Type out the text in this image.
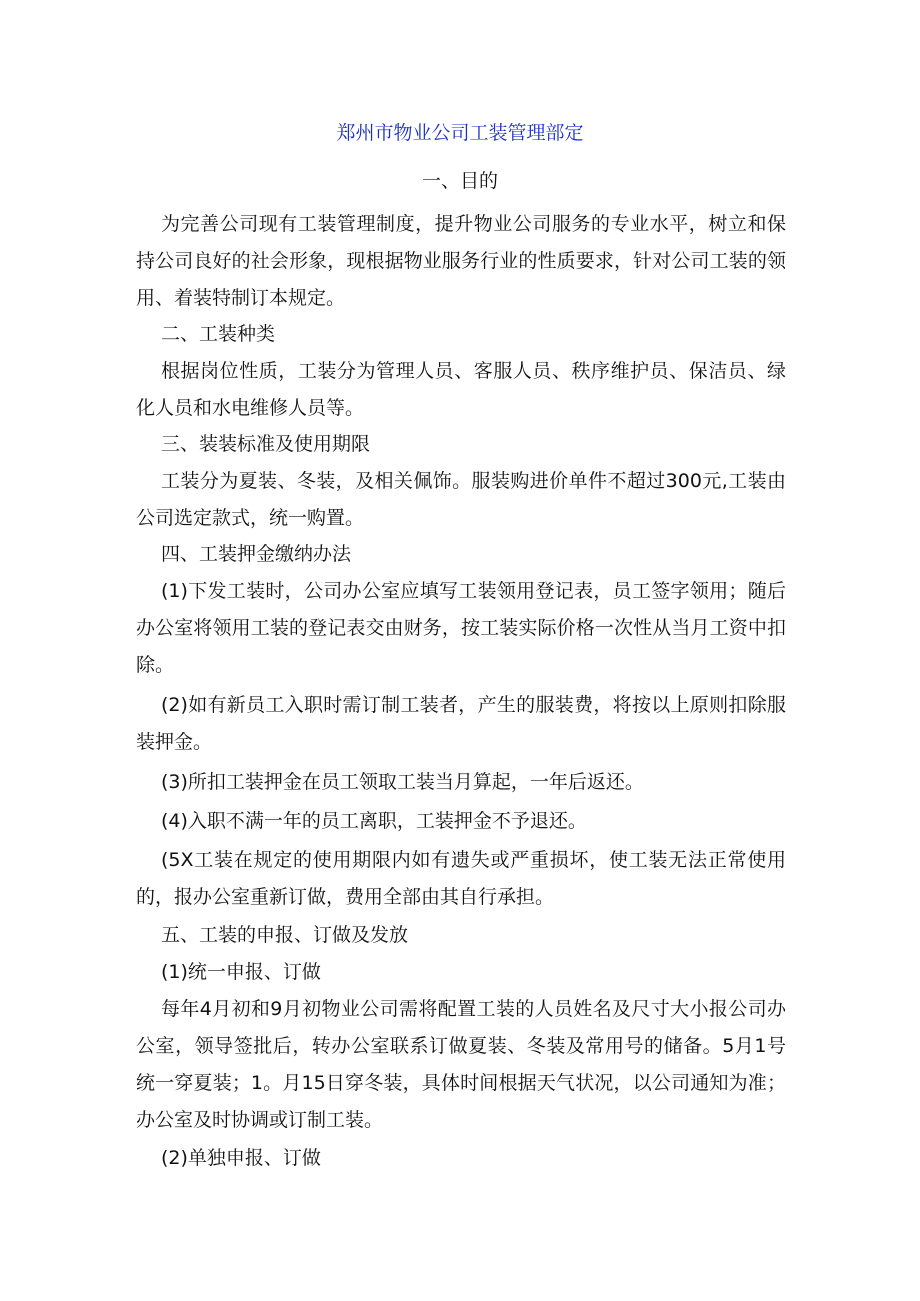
郑州市物业公司工装管理部定
一、目的

为完善公司现有工装管理制度，提升物业公司服务的专业水平，树立和保持公司良好的社会形象，现根据物业服务行业的性质要求，针对公司工装的领用、着装特制订本规定。

二、工装种类

根据岗位性质，工装分为管理人员、客服人员、秩序维护员、保洁员、绿化人员和水电维修人员等。

三、装装标准及使用期限

工装分为夏装、冬装，及相关佩饰。服装购进价单件不超过300元,工装由公司选定款式，统一购置。

四、工装押金缴纳办法

(1)下发工装时，公司办公室应填写工装领用登记表，员工签字领用；随后办公室将领用工装的登记表交由财务，按工装实际价格一次性从当月工资中扣除。

(2)如有新员工入职时需订制工装者，产生的服装费，将按以上原则扣除服装押金。

(3)所扣工装押金在员工领取工装当月算起，一年后返还。

(4)入职不满一年的员工离职，工装押金不予退还。

(5X工装在规定的使用期限内如有遗失或严重损坏，使工装无法正常使用的，报办公室重新订做，费用全部由其自行承担。

五、工装的申报、订做及发放

(1)统一申报、订做

每年4月初和9月初物业公司需将配置工装的人员姓名及尺寸大小报公司办公室，领导签批后，转办公室联系订做夏装、冬装及常用号的储备。5月1号统一穿夏装；1。月15日穿冬装，具体时间根据天气状况，以公司通知为准；办公室及时协调或订制工装。

(2)单独申报、订做
